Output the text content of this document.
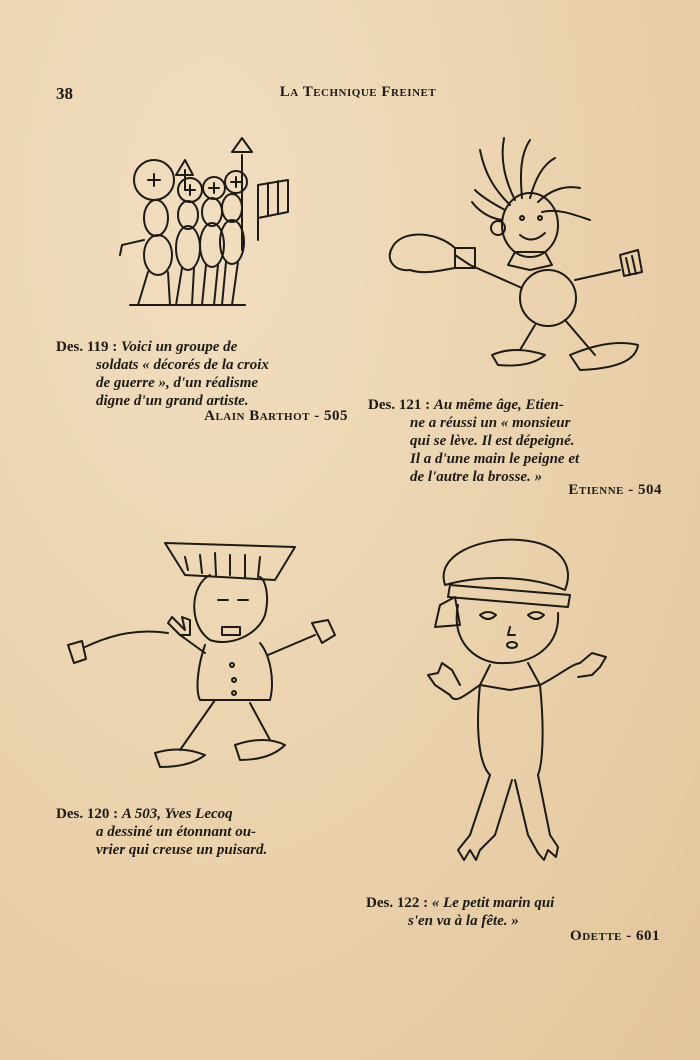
38	La Technique Freinet
Des. 119 : Voici un groupe de
soldats « décorés de la croix
de guerre », d'un réalisme
digne d'un grand artiste.
Alain Barthot - 505
Des. 121 : Au même âge, Etien-
ne a réussi un « monsieur
qui se lève. Il est dépeigné.
Il a d'une main le peigne et
de l'autre la brosse. »
Etienne - 504
Des. 120 : A 503, Yves Lecoq
a dessiné un étonnant ou-
vrier qui creuse un puisard.
Des. 122 : « Le petit marin qui
s'en va à la fête. »
Odette - 601
